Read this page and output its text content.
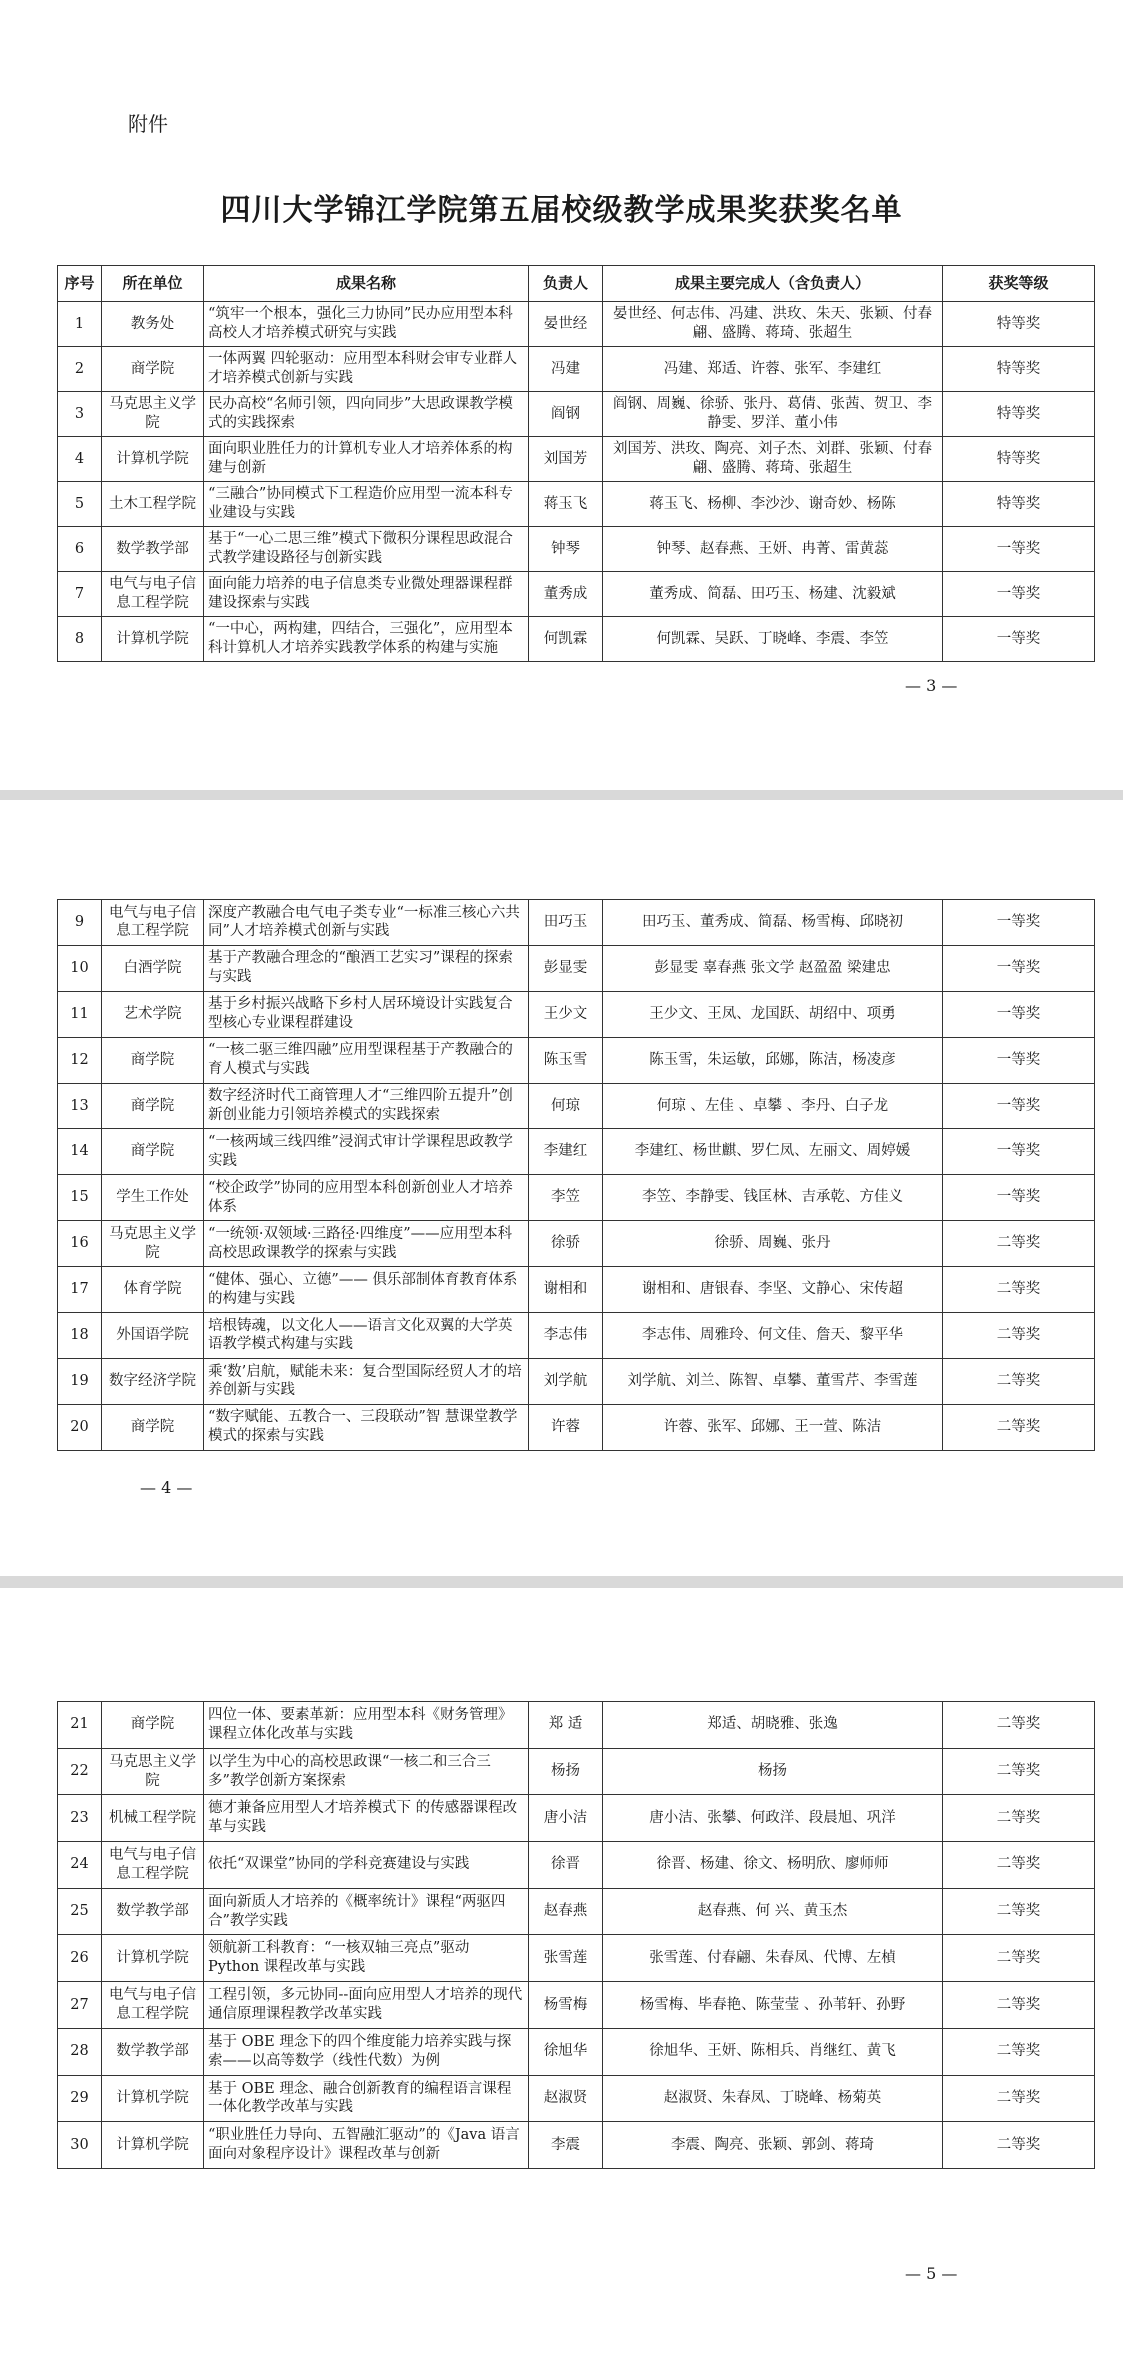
附件
四川大学锦江学院第五届校级教学成果奖获奖名单
序号	所在单位	成果名称	负责人	成果主要完成人（含负责人）	获奖等级
1	教务处	“筑牢一个根本，强化三力协同”民办应用型本科高校人才培养模式研究与实践	晏世经	晏世经、何志伟、冯建、洪玫、朱天、张颖、付春翩、盛腾、蒋琦、张超生	特等奖
2	商学院	一体两翼 四轮驱动：应用型本科财会审专业群人才培养模式创新与实践	冯建	冯建、郑适、许蓉、张军、李建红	特等奖
3	马克思主义学院	民办高校“名师引领，四向同步”大思政课教学模式的实践探索	阎钢	阎钢、周巍、徐骄、张丹、葛倩、张茜、贺卫、李静雯、罗洋、董小伟	特等奖
4	计算机学院	面向职业胜任力的计算机专业人才培养体系的构建与创新	刘国芳	刘国芳、洪玫、陶亮、刘子杰、刘群、张颖、付春翩、盛腾、蒋琦、张超生	特等奖
5	土木工程学院	“三融合”协同模式下工程造价应用型一流本科专业建设与实践	蒋玉飞	蒋玉飞、杨柳、李沙沙、谢奇妙、杨陈	特等奖
6	数学教学部	基于“一心二思三维”模式下微积分课程思政混合式教学建设路径与创新实践	钟琴	钟琴、赵春燕、王妍、冉菁、雷黄蕊	一等奖
7	电气与电子信息工程学院	面向能力培养的电子信息类专业微处理器课程群建设探索与实践	董秀成	董秀成、简磊、田巧玉、杨建、沈毅斌	一等奖
8	计算机学院	“一中心，两构建，四结合，三强化”，应用型本科计算机人才培养实践教学体系的构建与实施	何凯霖	何凯霖、吴跃、丁晓峰、李震、李笠	一等奖
— 3 —
9	电气与电子信息工程学院	深度产教融合电气电子类专业“一标准三核心六共同”人才培养模式创新与实践	田巧玉	田巧玉、董秀成、简磊、杨雪梅、邱晓初	一等奖
10	白酒学院	基于产教融合理念的“酿酒工艺实习”课程的探索与实践	彭显雯	彭显雯 辜春燕 张文学 赵盈盈 梁建忠	一等奖
11	艺术学院	基于乡村振兴战略下乡村人居环境设计实践复合型核心专业课程群建设	王少文	王少文、王凤、龙国跃、胡绍中、项勇	一等奖
12	商学院	“一核二驱三维四融”应用型课程基于产教融合的育人模式与实践	陈玉雪	陈玉雪，朱运敏，邱娜，陈洁，杨凌彦	一等奖
13	商学院	数字经济时代工商管理人才“三维四阶五提升”创新创业能力引领培养模式的实践探索	何琼	何琼 、左佳 、卓攀 、李丹、白子龙	一等奖
14	商学院	“一核两域三线四维”浸润式审计学课程思政教学实践	李建红	李建红、杨世麒、罗仁凤、左丽文、周婷媛	一等奖
15	学生工作处	“校企政学”协同的应用型本科创新创业人才培养体系	李笠	李笠、李静雯、钱匡林、吉承乾、方佳义	一等奖
16	马克思主义学院	“一统领·双领域·三路径·四维度”——应用型本科高校思政课教学的探索与实践	徐骄	徐骄、周巍、张丹	二等奖
17	体育学院	“健体、强心、立德”—— 俱乐部制体育教育体系的构建与实践	谢相和	谢相和、唐银春、李坚、文静心、宋传超	二等奖
18	外国语学院	培根铸魂，以文化人——语言文化双翼的大学英语教学模式构建与实践	李志伟	李志伟、周雅玲、何文佳、詹天、黎平华	二等奖
19	数字经济学院	乘‘数’启航，赋能未来：复合型国际经贸人才的培养创新与实践	刘学航	刘学航、刘兰、陈智、卓攀、董雪芹、李雪莲	二等奖
20	商学院	“数字赋能、五教合一、三段联动”智 慧课堂教学模式的探索与实践	许蓉	许蓉、张军、邱娜、王一萱、陈洁	二等奖
— 4 —
21	商学院	四位一体、要素革新：应用型本科《财务管理》课程立体化改革与实践	郑 适	郑适、胡晓雅、张逸	二等奖
22	马克思主义学院	以学生为中心的高校思政课“一核二和三合三多”教学创新方案探索	杨扬	杨扬	二等奖
23	机械工程学院	德才兼备应用型人才培养模式下 的传感器课程改革与实践	唐小洁	唐小洁、张攀、何政洋、段晨旭、巩洋	二等奖
24	电气与电子信息工程学院	依托“双课堂”协同的学科竞赛建设与实践	徐晋	徐晋、杨建、徐文、杨明欣、廖师师	二等奖
25	数学教学部	面向新质人才培养的《概率统计》课程“两驱四合”教学实践	赵春燕	赵春燕、何 兴、黄玉杰	二等奖
26	计算机学院	领航新工科教育：“一核双轴三亮点”驱动 Python 课程改革与实践	张雪莲	张雪莲、付春翩、朱春凤、代博、左楨	二等奖
27	电气与电子信息工程学院	工程引领，多元协同--面向应用型人才培养的现代通信原理课程教学改革实践	杨雪梅	杨雪梅、毕春艳、陈莹莹 、孙苇轩、孙野	二等奖
28	数学教学部	基于 OBE 理念下的四个维度能力培养实践与探索——以高等数学（线性代数）为例	徐旭华	徐旭华、王妍、陈相兵、肖继红、黄飞	二等奖
29	计算机学院	基于 OBE 理念、融合创新教育的编程语言课程一体化教学改革与实践	赵淑贤	赵淑贤、朱春凤、丁晓峰、杨菊英	二等奖
30	计算机学院	“职业胜任力导向、五智融汇驱动”的《Java 语言面向对象程序设计》课程改革与创新	李震	李震、陶亮、张颖、郭剑、蒋琦	二等奖
— 5 —
